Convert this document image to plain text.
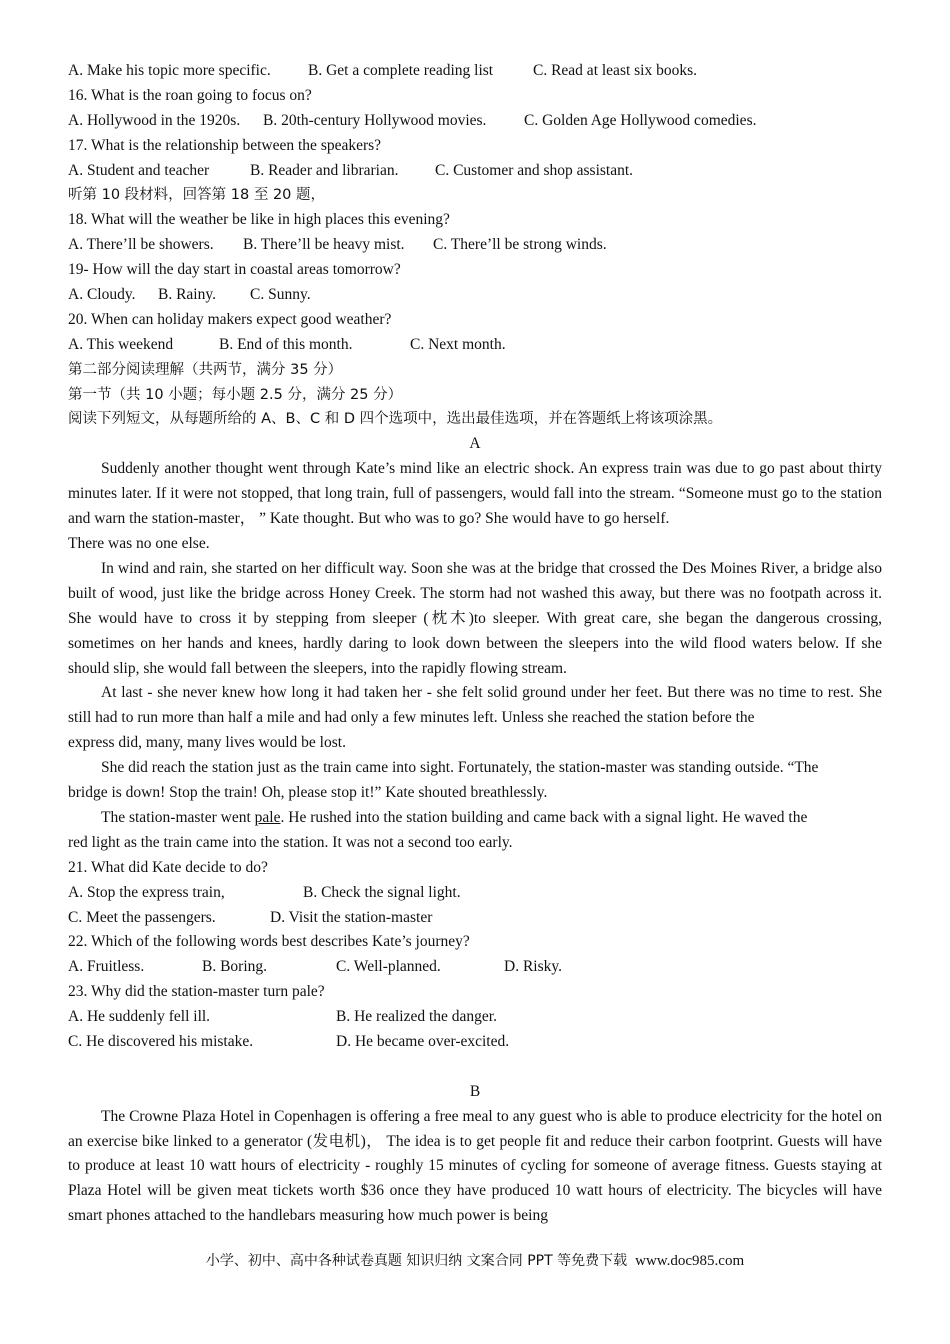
A. Make his topic more specific. B. Get a complete reading list	C. Read at least six books.
16. What is the roan going to focus on?
A. Hollywood in the 1920s. B. 20th-century Hollywood movies. C. Golden Age Hollywood comedies.
17. What is the relationship between the speakers?
A. Student and teacher	B. Reader and librarian. C. Customer and shop assistant.
听第 10 段材料，回答第 18 至 20 题，
18. What will the weather be like in high places this evening?
A. There’ll be showers. B. There’ll be heavy mist. C. There’ll be strong winds.
19- How will the day start in coastal areas tomorrow?
A. Cloudy. B. Rainy. C. Sunny.
20. When can holiday makers expect good weather?
A. This weekend	B. End of this month.	C. Next month.
第二部分阅读理解（共两节，满分 35 分）
第一节（共 10 小题；每小题 2.5 分，满分 25 分）
阅读下列短文，从每题所给的 A、B、C 和 D 四个选项中，选出最佳选项，并在答题纸上将该项涂黑。
A

Suddenly another thought went through Kate’s mind like an electric shock. An express train was due to go past about thirty minutes later. If it were not stopped, that long train, full of passengers, would fall into the stream. “Someone must go to the station and warn the station-master， ” Kate thought. But who was to go? She would have to go herself.
There was no one else.

In wind and rain, she started on her difficult way. Soon she was at the bridge that crossed the Des Moines River, a bridge also built of wood, just like the bridge across Honey Creek. The storm had not washed this away, but there was no footpath across it. She would have to cross it by stepping from sleeper (枕木)to sleeper. With great care, she began the dangerous crossing, sometimes on her hands and knees, hardly daring to look down between the sleepers into the wild flood waters below. If she should slip, she would fall between the sleepers, into the rapidly flowing stream.

At last - she never knew how long it had taken her - she felt solid ground under her feet. But there was no time to rest. She still had to run more than half a mile and had only a few minutes left. Unless she reached the station before the
express did, many, many lives would be lost.

She did reach the station just as the train came into sight. Fortunately, the station-master was standing outside. “The
bridge is down! Stop the train! Oh, please stop it!” Kate shouted breathlessly.

The station-master went pale. He rushed into the station building and came back with a signal light. He waved the
red light as the train came into the station. It was not a second too early.

21. What did Kate decide to do?
A. Stop the express train,	B. Check the signal light.
C. Meet the passengers.	D. Visit the station-master
22. Which of the following words best describes Kate’s journey?
A. Fruitless.	B. Boring.	C. Well-planned.	D. Risky.
23. Why did the station-master turn pale?
A. He suddenly fell ill.	B. He realized the danger.
C. He discovered his mistake.	D. He became over-excited.
B

The Crowne Plaza Hotel in Copenhagen is offering a free meal to any guest who is able to produce electricity for the hotel on an exercise bike linked to a generator (发电机)， The idea is to get people fit and reduce their carbon footprint. Guests will have to produce at least 10 watt hours of electricity - roughly 15 minutes of cycling for someone of average fitness. Guests staying at Plaza Hotel will be given meat tickets worth $36 once they have produced 10 watt hours of electricity. The bicycles will have smart phones attached to the handlebars measuring how much power is being

小学、初中、高中各种试卷真题 知识归纳 文案合同 PPT 等免费下载 www.doc985.com
